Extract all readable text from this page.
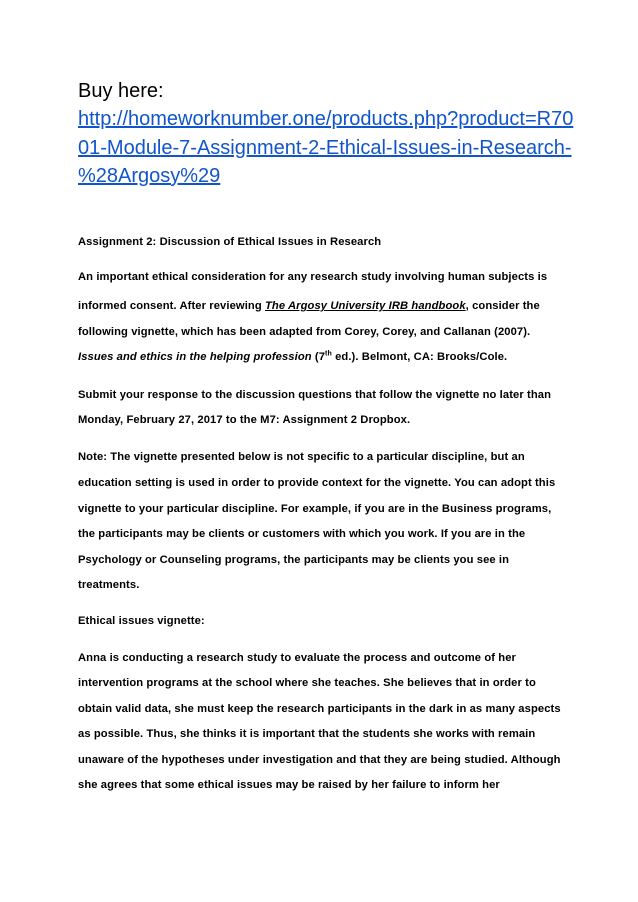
Buy here:
http://homeworknumber.one/products.php?product=R70
01-Module-7-Assignment-2-Ethical-Issues-in-Research-
%28Argosy%29
Assignment 2: Discussion of Ethical Issues in Research
An important ethical consideration for any research study involving human subjects is
informed consent. After reviewing The Argosy University IRB handbook, consider the
following vignette, which has been adapted from Corey, Corey, and Callanan (2007).
Issues and ethics in the helping profession (7th ed.). Belmont, CA: Brooks/Cole.
Submit your response to the discussion questions that follow the vignette no later than
Monday, February 27, 2017 to the M7: Assignment 2 Dropbox.
Note: The vignette presented below is not specific to a particular discipline, but an
education setting is used in order to provide context for the vignette. You can adopt this
vignette to your particular discipline. For example, if you are in the Business programs,
the participants may be clients or customers with which you work. If you are in the
Psychology or Counseling programs, the participants may be clients you see in
treatments.
Ethical issues vignette:
Anna is conducting a research study to evaluate the process and outcome of her
intervention programs at the school where she teaches. She believes that in order to
obtain valid data, she must keep the research participants in the dark in as many aspects
as possible. Thus, she thinks it is important that the students she works with remain
unaware of the hypotheses under investigation and that they are being studied. Although
she agrees that some ethical issues may be raised by her failure to inform her
